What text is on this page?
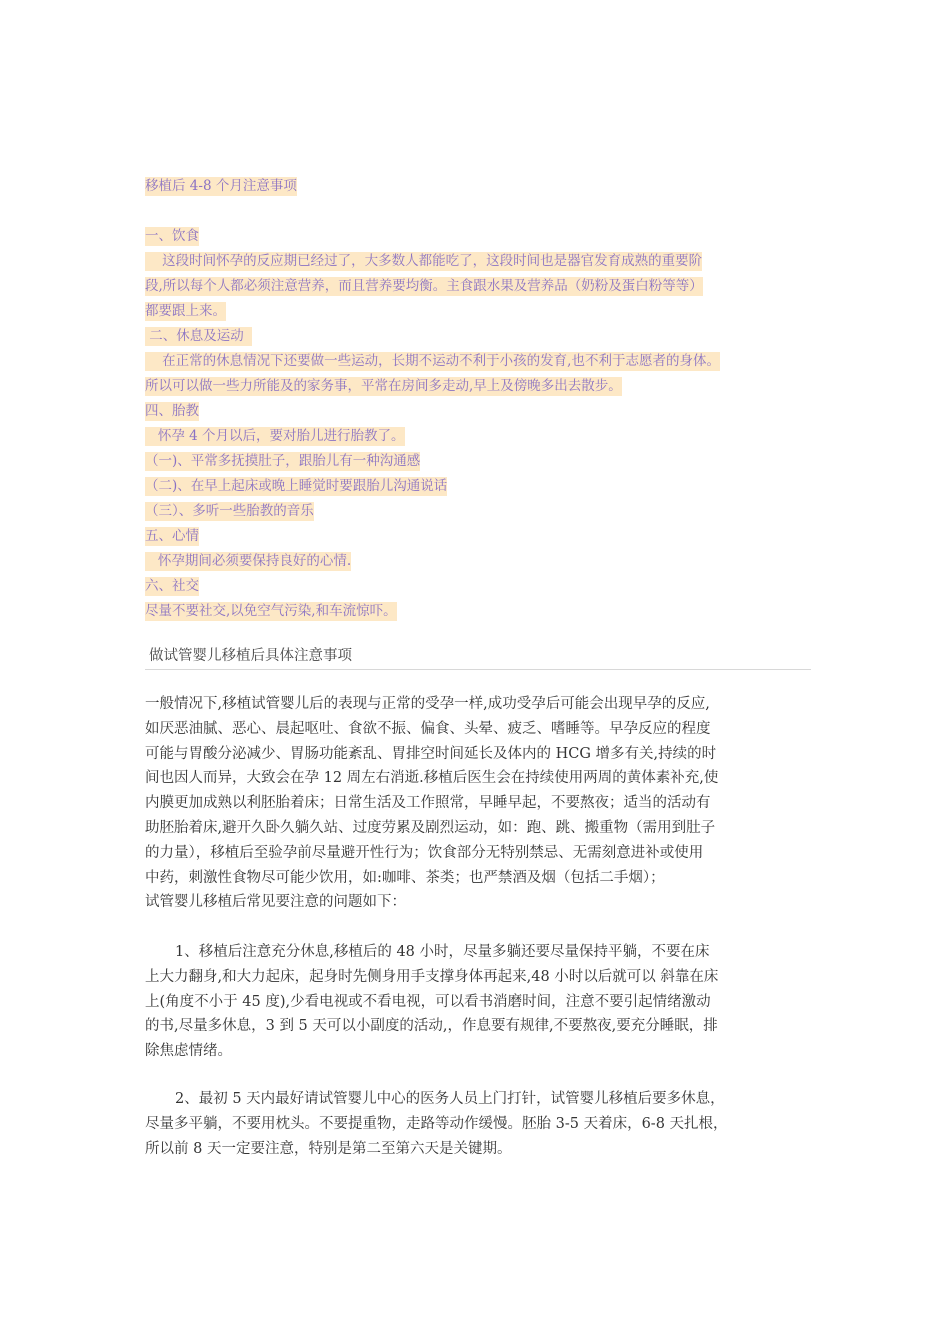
移植后 4-8 个月注意事项
一、饮食
这段时间怀孕的反应期已经过了，大多数人都能吃了，这段时间也是器官发育成熟的重要阶
段,所以每个人都必须注意营养，而且营养要均衡。主食跟水果及营养品（奶粉及蛋白粉等等）
都要跟上来。
二、休息及运动
在正常的休息情况下还要做一些运动，长期不运动不利于小孩的发育,也不利于志愿者的身体。
所以可以做一些力所能及的家务事，平常在房间多走动,早上及傍晚多出去散步。
四、胎教
怀孕 4 个月以后，要对胎儿进行胎教了。
（一)、平常多抚摸肚子，跟胎儿有一种沟通感
（二)、在早上起床或晚上睡觉时要跟胎儿沟通说话
（三）、多听一些胎教的音乐
五、心情
怀孕期间必须要保持良好的心情.
六、社交
尽量不要社交,以免空气污染,和车流惊吓。
做试管婴儿移植后具体注意事项
一般情况下,移植试管婴儿后的表现与正常的受孕一样,成功受孕后可能会出现早孕的反应,
如厌恶油腻、恶心、晨起呕吐、食欲不振、偏食、头晕、疲乏、嗜睡等。早孕反应的程度
可能与胃酸分泌减少、胃肠功能紊乱、胃排空时间延长及体内的 HCG 增多有关,持续的时
间也因人而异，大致会在孕 12 周左右消逝.移植后医生会在持续使用两周的黄体素补充,使
内膜更加成熟以利胚胎着床；日常生活及工作照常，早睡早起，不要熬夜；适当的活动有
助胚胎着床,避开久卧久躺久站、过度劳累及剧烈运动，如：跑、跳、搬重物（需用到肚子
的力量），移植后至验孕前尽量避开性行为；饮食部分无特别禁忌、无需刻意进补或使用
中药，刺激性食物尽可能少饮用，如:咖啡、茶类；也严禁酒及烟（包括二手烟）；
试管婴儿移植后常见要注意的问题如下：
1、移植后注意充分休息,移植后的 48 小时，尽量多躺还要尽量保持平躺，不要在床
上大力翻身,和大力起床，起身时先侧身用手支撑身体再起来,48 小时以后就可以 斜靠在床
上(角度不小于 45 度),少看电视或不看电视，可以看书消磨时间，注意不要引起情绪激动
的书,尽量多休息，3 到 5 天可以小副度的活动,，作息要有规律,不要熬夜,要充分睡眠，排
除焦虑情绪。
2、最初 5 天内最好请试管婴儿中心的医务人员上门打针，试管婴儿移植后要多休息，
尽量多平躺，不要用枕头。不要提重物，走路等动作缓慢。胚胎 3-5 天着床，6-8 天扎根，
所以前 8 天一定要注意，特别是第二至第六天是关键期。
